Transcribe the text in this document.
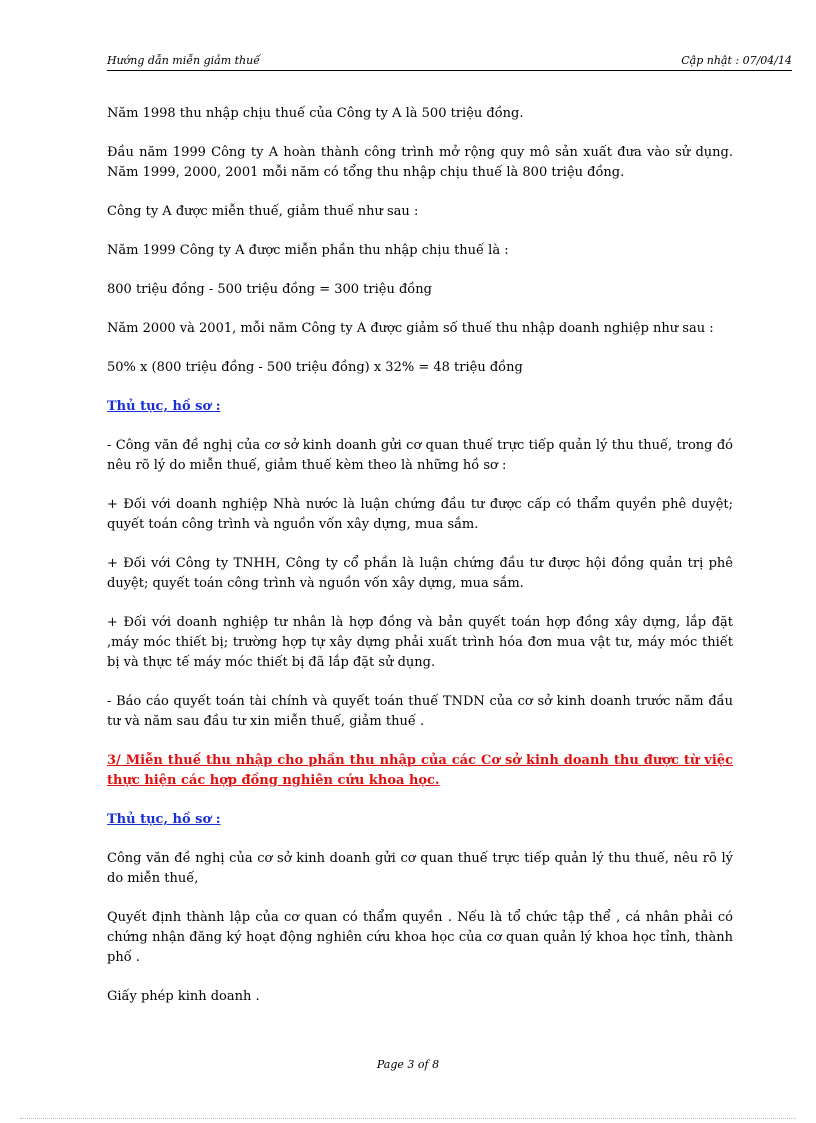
Hướng dẫn miễn giảm thuế	Cập nhật : 07/04/14

Năm 1998 thu nhập chịu thuế của Công ty A là 500 triệu đồng.

Đầu năm 1999 Công ty A hoàn thành công trình mở rộng quy mô sản xuất đưa vào sử dụng. Năm 1999, 2000, 2001 mỗi năm có tổng thu nhập chịu thuế là 800 triệu đồng.

Công ty A được miễn thuế, giảm thuế như sau :

Năm 1999 Công ty A được miễn phần thu nhập chịu thuế là :

800 triệu đồng - 500 triệu đồng = 300 triệu đồng

Năm 2000 và 2001, mỗi năm Công ty A được giảm số thuế thu nhập doanh nghiệp như sau :

50% x (800 triệu đồng - 500 triệu đồng) x 32% = 48 triệu đồng

Thủ tục, hồ sơ :

- Công văn đề nghị của cơ sở kinh doanh gửi cơ quan thuế trực tiếp quản lý thu thuế, trong đó nêu rõ lý do miễn thuế, giảm thuế kèm theo là những hồ sơ :

+ Đối với doanh nghiệp Nhà nước là luận chứng đầu tư được cấp có thẩm quyền phê duyệt; quyết toán công trình và nguồn vốn xây dựng, mua sắm.

+ Đối với Công ty TNHH, Công ty cổ phần là luận chứng đầu tư được hội đồng quản trị phê duyệt; quyết toán công trình và nguồn vốn xây dựng, mua sắm.

+ Đối với doanh nghiệp tư nhân là hợp đồng và bản quyết toán hợp đồng xây dựng, lắp đặt ,máy móc thiết bị; trường hợp tự xây dựng phải xuất trình hóa đơn mua vật tư, máy móc thiết bị và thực tế máy móc thiết bị đã lắp đặt sử dụng.

- Báo cáo quyết toán tài chính và quyết toán thuế TNDN của cơ sở kinh doanh trước năm đầu tư và năm sau đầu tư xin miễn thuế, giảm thuế .

3/ Miễn thuế thu nhập cho phần thu nhập của các Cơ sở kinh doanh thu được từ việc thực hiện các hợp đồng nghiên cứu khoa học.

Thủ tục, hồ sơ :

Công văn đề nghị của cơ sở kinh doanh gửi cơ quan thuế trực tiếp quản lý thu thuế, nêu rõ lý do miễn thuế,

Quyết định thành lập của cơ quan có thẩm quyền . Nếu là tổ chức tập thể , cá nhân phải có chứng nhận đăng ký hoạt động nghiên cứu khoa học của cơ quan quản lý khoa học tỉnh, thành phố .

Giấy phép kinh doanh .

Page 3 of 8
